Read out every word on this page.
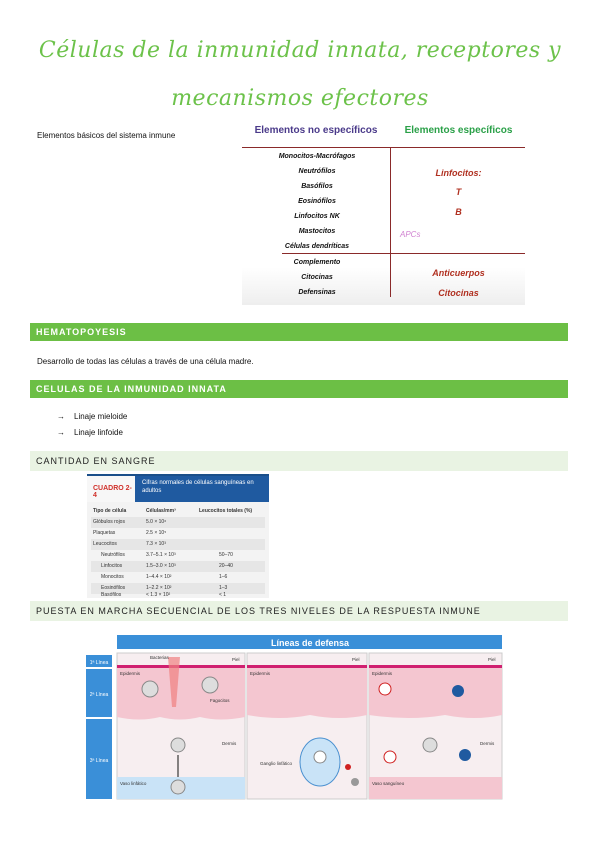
Células de la inmunidad innata, receptores y
mecanismos efectores
Elementos básicos del sistema inmune	Elementos no específicos	Elementos específicos
Monocitos-Macrófagos
Neutrófilos
Basófilos
Eosinófilos
Linfocitos NK
Mastocitos
Células dendríticas
Complemento
Citocinas
Defensinas
Linfocitos:
T
B
APCs
Anticuerpos
Citocinas
HEMATOPOYESIS
Desarrollo de todas las células a través de una célula madre.
CELULAS DE LA INMUNIDAD INNATA
→ Linaje mieloide
→ Linaje linfoide
CANTIDAD EN SANGRE
CUADRO 2-4
Cifras normales de células sanguíneas en adultos
Tipo de célula	Células/mm³	Leucocitos totales (%)
Glóbulos rojos	5.0 × 10⁶
Plaquetas	2.5 × 10⁵
Leucocitos	7.3 × 10³
Neutrófilos	3.7–5.1 × 10³	50–70
Linfocitos	1.5–3.0 × 10³	20–40
Monocitos	1–4.4 × 10²	1–6
Eosinófilos	1–2.2 × 10²	1–3
Basófilos	< 1.3 × 10²	< 1
PUESTA EN MARCHA SECUENCIAL DE LOS TRES NIVELES DE LA RESPUESTA INMUNE
Líneas de defensa
1ª Línea
2ª Línea
3ª Línea
Bacterias	Piel
Epidermis
Fagocitos
Dermis
Vaso linfático
Epidermis
Piel
Ganglio linfático
Epidermis
Piel
Dermis
Vaso sanguíneo
